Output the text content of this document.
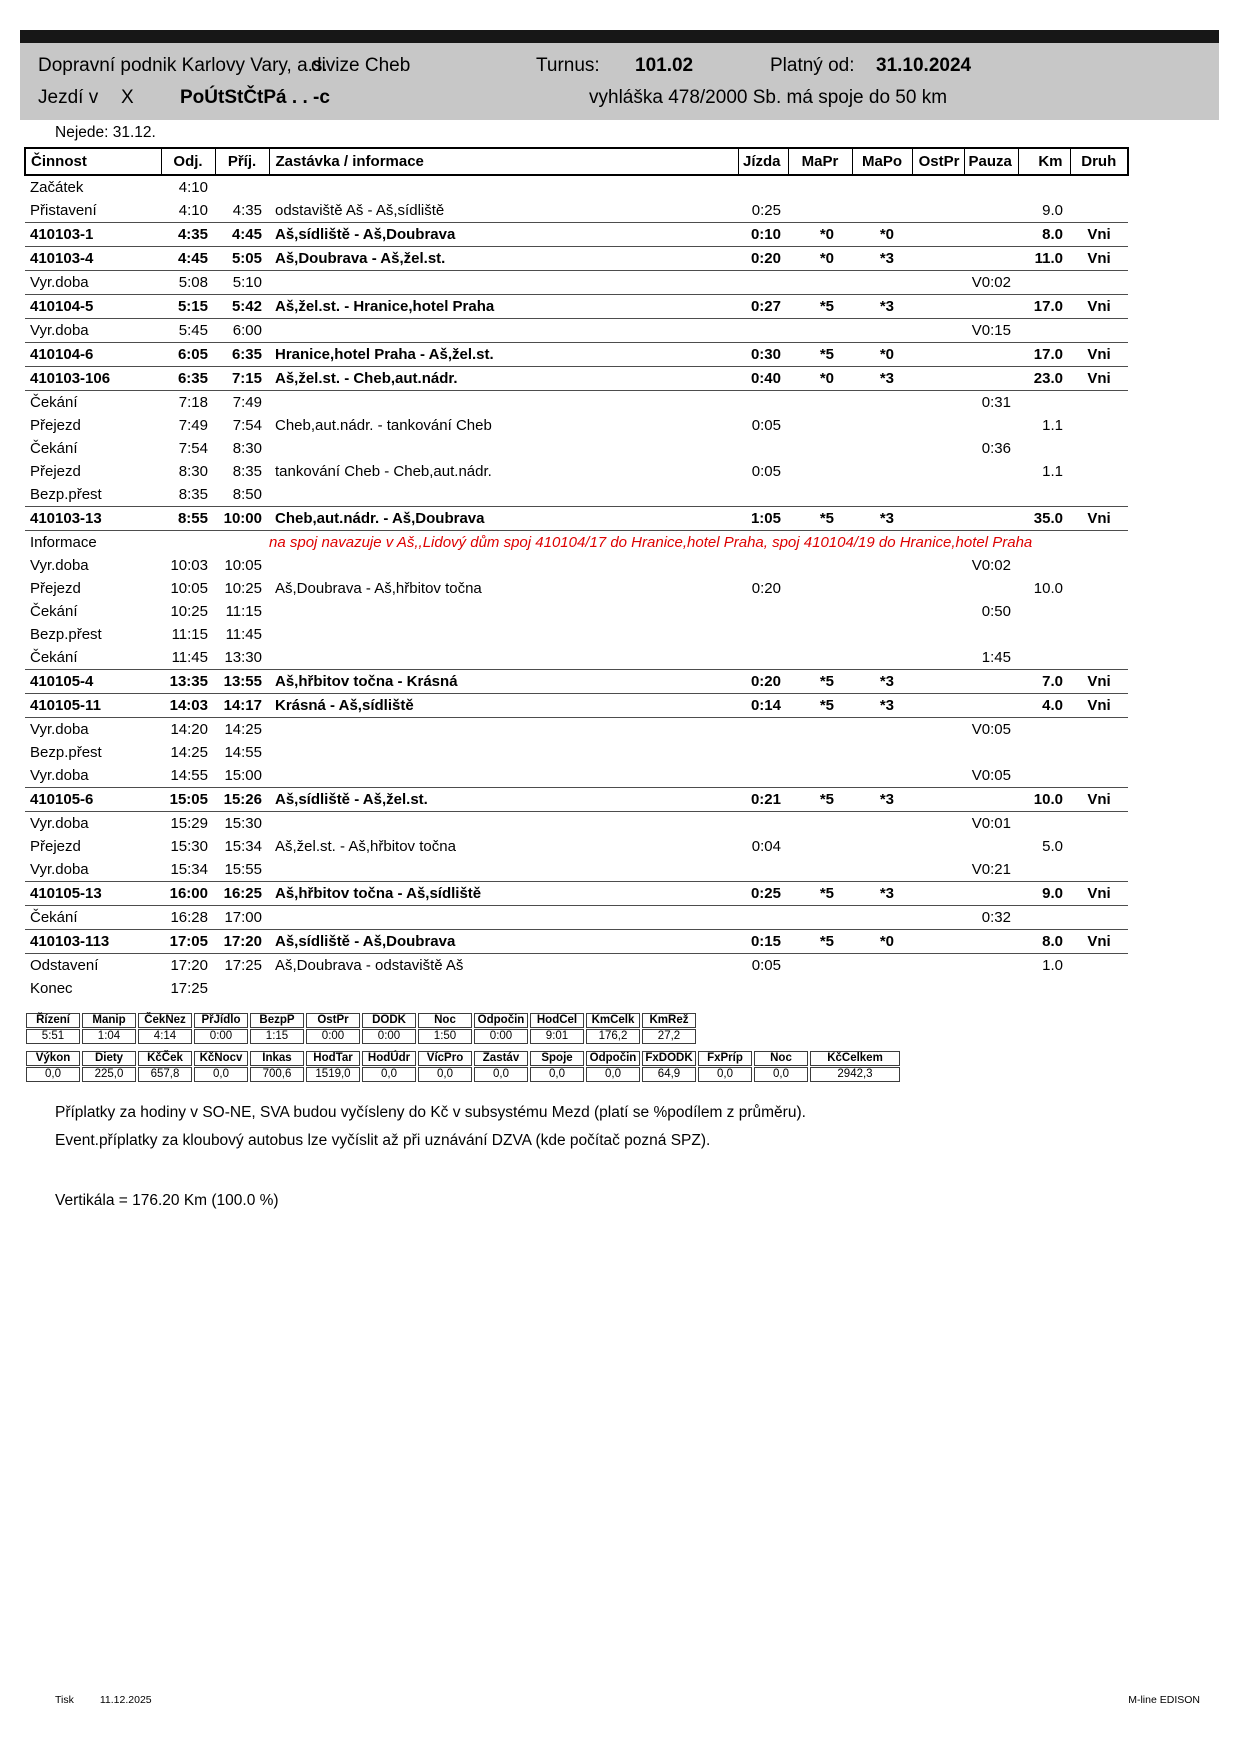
Dopravní podnik Karlovy Vary, a.s.
divize Cheb	Turnus: 101.02	Platný od: 31.10.2024
Jezdí v X PoÚtStČtPá . . -c	vyhláška 478/2000 Sb. má spoje do 50 km
Nejede: 31.12.
Činnost	Odj.	Příj.	Zastávka / informace	Jízda	MaPr	MaPo	OstPr	Pauza	Km	Druh
Začátek	4:10									
Přistavení	4:10	4:35	odstaviště Aš - Aš,sídliště	0:25					9.0	
410103-1	4:35	4:45	Aš,sídliště - Aš,Doubrava	0:10	*0	*0			8.0	Vni
410103-4	4:45	5:05	Aš,Doubrava - Aš,žel.st.	0:20	*0	*3			11.0	Vni
Vyr.doba	5:08	5:10						V0:02		
410104-5	5:15	5:42	Aš,žel.st. - Hranice,hotel Praha	0:27	*5	*3			17.0	Vni
Vyr.doba	5:45	6:00						V0:15		
410104-6	6:05	6:35	Hranice,hotel Praha - Aš,žel.st.	0:30	*5	*0			17.0	Vni
410103-106	6:35	7:15	Aš,žel.st. - Cheb,aut.nádr.	0:40	*0	*3			23.0	Vni
Čekání	7:18	7:49						0:31		
Přejezd	7:49	7:54	Cheb,aut.nádr. - tankování Cheb	0:05					1.1	
Čekání	7:54	8:30						0:36		
Přejezd	8:30	8:35	tankování Cheb - Cheb,aut.nádr.	0:05					1.1	
Bezp.přest	8:35	8:50								
410103-13	8:55	10:00	Cheb,aut.nádr. - Aš,Doubrava	1:05	*5	*3			35.0	Vni
Informace	na spoj navazuje v Aš,,Lidový dům spoj 410104/17 do Hranice,hotel Praha, spoj 410104/19 do Hranice,hotel Praha									

Vyr.doba	10:03	10:05						V0:02		
Přejezd	10:05	10:25	Aš,Doubrava - Aš,hřbitov točna	0:20					10.0	
Čekání	10:25	11:15						0:50		
Bezp.přest	11:15	11:45								
Čekání	11:45	13:30						1:45		
410105-4	13:35	13:55	Aš,hřbitov točna - Krásná	0:20	*5	*3			7.0	Vni
410105-11	14:03	14:17	Krásná - Aš,sídliště	0:14	*5	*3			4.0	Vni
Vyr.doba	14:20	14:25						V0:05		
Bezp.přest	14:25	14:55								
Vyr.doba	14:55	15:00						V0:05		
410105-6	15:05	15:26	Aš,sídliště - Aš,žel.st.	0:21	*5	*3			10.0	Vni
Vyr.doba	15:29	15:30						V0:01		
Přejezd	15:30	15:34	Aš,žel.st. - Aš,hřbitov točna	0:04					5.0	
Vyr.doba	15:34	15:55						V0:21		
410105-13	16:00	16:25	Aš,hřbitov točna - Aš,sídliště	0:25	*5	*3			9.0	Vni
Čekání	16:28	17:00						0:32		
410103-113	17:05	17:20	Aš,sídliště - Aš,Doubrava	0:15	*5	*0			8.0	Vni
Odstavení	17:20	17:25	Aš,Doubrava - odstaviště Aš	0:05					1.0	
Konec	17:25									
Řízení	Manip	ČekNez	PřJídlo	BezpP	OstPr	DODK	Noc	Odpočin	HodCel	KmCelk	KmRež
5:51	1:04	4:14	0:00	1:15	0:00	0:00	1:50	0:00	9:01	176,2	27,2
Výkon	Diety	KčČek	KčNocv	Inkas	HodTar	HodÚdr	VícPro	Zastáv	Spoje	Odpočin	FxDODK	FxPríp	Noc	KčCelkem
0,0	225,0	657,8	0,0	700,6	1519,0	0,0	0,0	0,0	0,0	0,0	64,9	0,0	0,0	2942,3
Příplatky za hodiny v SO-NE, SVA budou vyčísleny do Kč v subsystému Mezd (platí se %podílem z průměru).
Event.příplatky za kloubový autobus lze vyčíslit až při uznávání DZVA (kde počítač pozná SPZ).
Vertikála = 176.20 Km (100.0 %)
Tisk 11.12.2025	M-line EDISON
